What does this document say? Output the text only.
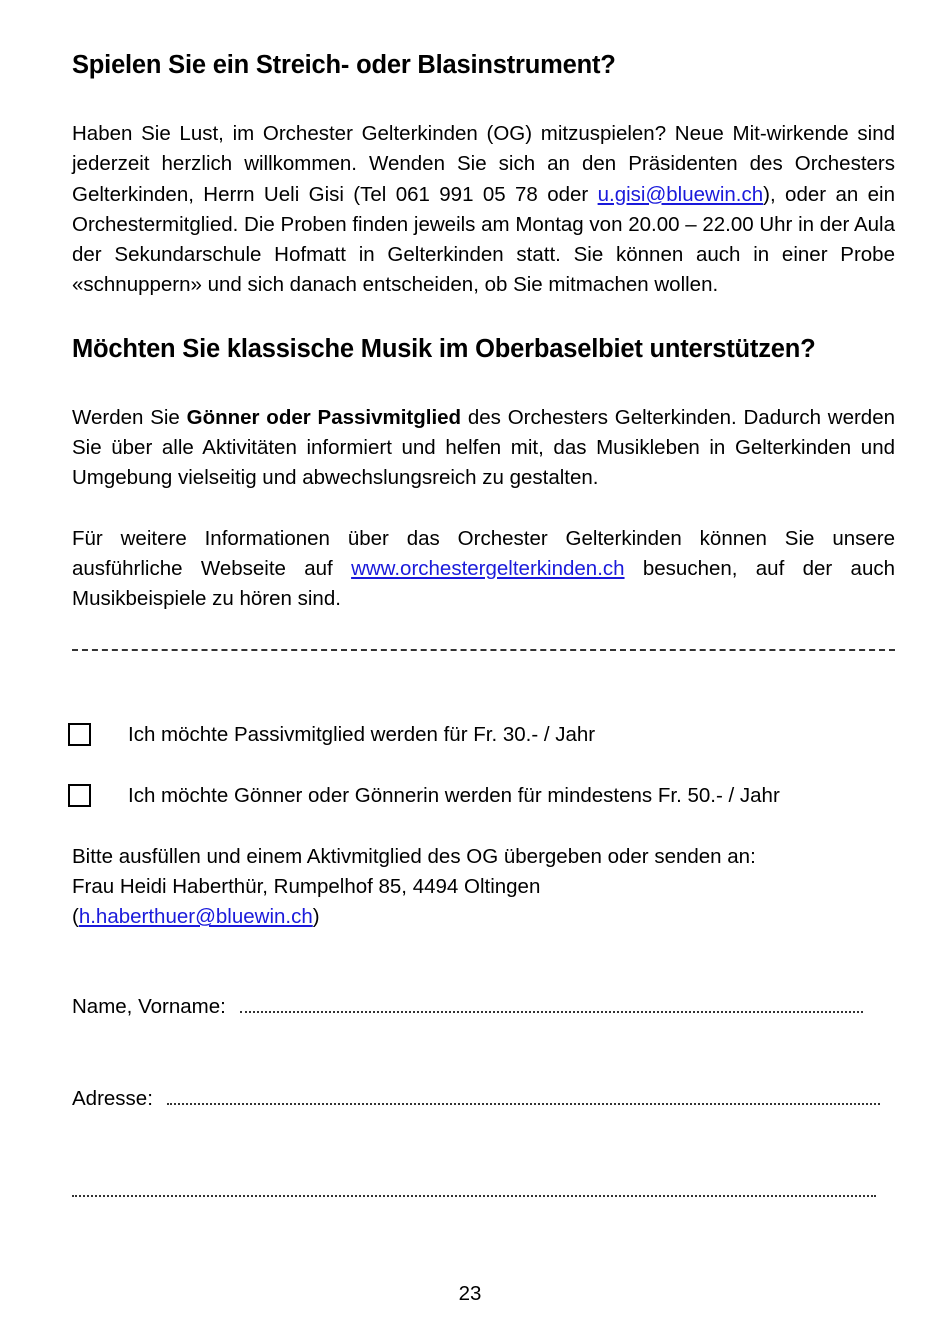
Spielen Sie ein Streich- oder Blasinstrument?

Haben Sie Lust, im Orchester Gelterkinden (OG) mitzuspielen? Neue Mit-wirkende sind jederzeit herzlich willkommen. Wenden Sie sich an den Präsidenten des Orchesters Gelterkinden, Herrn Ueli Gisi (Tel 061 991 05 78 oder u.gisi@bluewin.ch), oder an ein Orchestermitglied. Die Proben finden jeweils am Montag von 20.00 – 22.00 Uhr in der Aula der Sekundarschule Hofmatt in Gelterkinden statt. Sie können auch in einer Probe «schnuppern» und sich danach entscheiden, ob Sie mitmachen wollen.

Möchten Sie klassische Musik im Oberbaselbiet unterstützen?

Werden Sie Gönner oder Passivmitglied des Orchesters Gelterkinden. Dadurch werden Sie über alle Aktivitäten informiert und helfen mit, das Musikleben in Gelterkinden und Umgebung vielseitig und abwechslungsreich zu gestalten.

Für weitere Informationen über das Orchester Gelterkinden können Sie unsere ausführliche Webseite auf www.orchestergelterkinden.ch besuchen, auf der auch Musikbeispiele zu hören sind.

Ich möchte Passivmitglied werden für Fr. 30.- / Jahr
Ich möchte Gönner oder Gönnerin werden für mindestens Fr. 50.- / Jahr

Bitte ausfüllen und einem Aktivmitglied des OG übergeben oder senden an:
Frau Heidi Haberthür, Rumpelhof 85, 4494 Oltingen
(h.haberthuer@bluewin.ch)

Name, Vorname:
Adresse:
23
